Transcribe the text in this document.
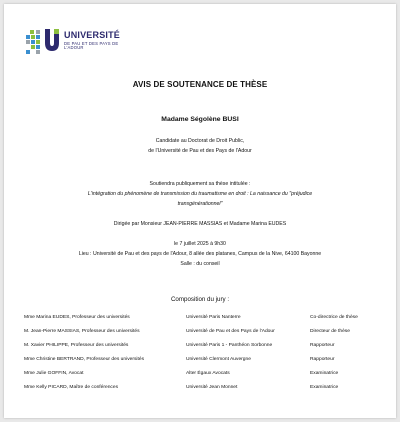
UNIVERSITÉ
DE PAU ET DES PAYS DE L'ADOUR
AVIS DE SOUTENANCE DE THÈSE
Madame Ségolène BUSI
Candidate au Doctorat de Droit Public,
de l'Université de Pau et des Pays de l'Adour
Soutiendra publiquement sa thèse intitulée :
L'intégration du phénomène de transmission du traumatisme en droit : La naissance du "préjudice
transgénérationnel"
Dirigée par Monsieur JEAN-PIERRE MASSIAS et Madame Marina EUDES
le 7 juillet 2025 à 9h30
Lieu : Université de Pau et des pays de l'Adour, 8 allée des platanes, Campus de la Nive, 64100 Bayonne
Salle : du conseil
Composition du jury :
Mme Marina EUDES, Professeur des universités	Université Paris Nanterre	Co-directrice de thèse
M. Jean-Pierre MASSIAS, Professeur des universités	Université de Pau et des Pays de l'Adour	Directeur de thèse
M. Xavier PHILIPPE, Professeur des universités	Université Paris 1 - Panthéon Sorbonne	Rapporteur
Mme Christine BERTRAND, Professeur des universités	Université Clermont Auvergne	Rapporteur
Mme Julie GOFFIN, Avocat	Alter Égaux Avocats	Examinatrice
Mme Kelly PICARD, Maître de conférences	Université Jean Monnet	Examinatrice
